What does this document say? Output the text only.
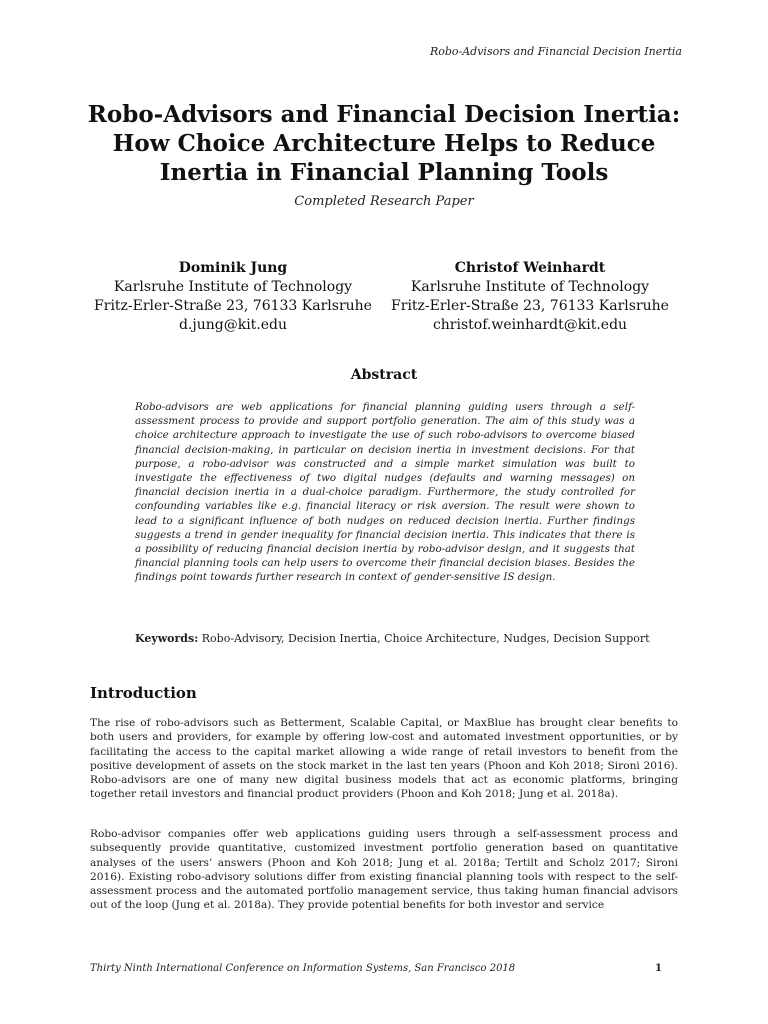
Robo-Advisors and Financial Decision Inertia
Robo-Advisors and Financial Decision Inertia: How Choice Architecture Helps to Reduce Inertia in Financial Planning Tools
Completed Research Paper
Dominik Jung
Karlsruhe Institute of Technology
Fritz-Erler-Straße 23, 76133 Karlsruhe
d.jung@kit.edu
Christof Weinhardt
Karlsruhe Institute of Technology
Fritz-Erler-Straße 23, 76133 Karlsruhe
christof.weinhardt@kit.edu
Abstract
Robo-advisors are web applications for financial planning guiding users through a self-assessment process to provide and support portfolio generation. The aim of this study was a choice architecture approach to investigate the use of such robo-advisors to overcome biased financial decision-making, in particular on decision inertia in investment decisions. For that purpose, a robo-advisor was constructed and a simple market simulation was built to investigate the effectiveness of two digital nudges (defaults and warning messages) on financial decision inertia in a dual-choice paradigm. Furthermore, the study controlled for confounding variables like e.g. financial literacy or risk aversion. The result were shown to lead to a significant influence of both nudges on reduced decision inertia. Further findings suggests a trend in gender inequality for financial decision inertia. This indicates that there is a possibility of reducing financial decision inertia by robo-advisor design, and it suggests that financial planning tools can help users to overcome their financial decision biases. Besides the findings point towards further research in context of gender-sensitive IS design.
Keywords: Robo-Advisory, Decision Inertia, Choice Architecture, Nudges, Decision Support
Introduction
The rise of robo-advisors such as Betterment, Scalable Capital, or MaxBlue has brought clear benefits to both users and providers, for example by offering low-cost and automated investment opportunities, or by facilitating the access to the capital market allowing a wide range of retail investors to benefit from the positive development of assets on the stock market in the last ten years (Phoon and Koh 2018; Sironi 2016). Robo-advisors are one of many new digital business models that act as economic platforms, bringing together retail investors and financial product providers (Phoon and Koh 2018; Jung et al. 2018a).
Robo-advisor companies offer web applications guiding users through a self-assessment process and subsequently provide quantitative, customized investment portfolio generation based on quantitative analyses of the users’ answers (Phoon and Koh 2018; Jung et al. 2018a; Tertilt and Scholz 2017; Sironi 2016). Existing robo-advisory solutions differ from existing financial planning tools with respect to the self-assessment process and the automated portfolio management service, thus taking human financial advisors out of the loop (Jung et al. 2018a). They provide potential benefits for both investor and service
Thirty Ninth International Conference on Information Systems, San Francisco 2018	1
